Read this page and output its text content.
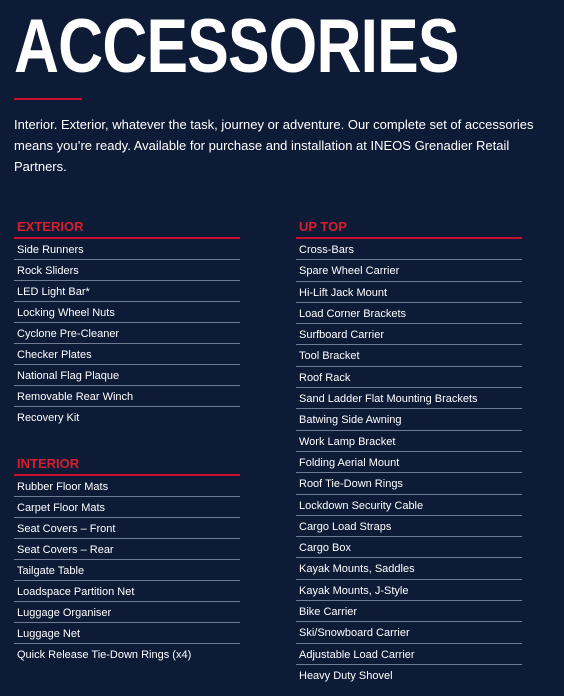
ACCESSORIES
Interior. Exterior, whatever the task, journey or adventure. Our complete set of accessories means you’re ready. Available for purchase and installation at INEOS Grenadier Retail Partners.
EXTERIOR
Side Runners
Rock Sliders
LED Light Bar*
Locking Wheel Nuts
Cyclone Pre-Cleaner
Checker Plates
National Flag Plaque
Removable Rear Winch
Recovery Kit
INTERIOR
Rubber Floor Mats
Carpet Floor Mats
Seat Covers – Front
Seat Covers – Rear
Tailgate Table
Loadspace Partition Net
Luggage Organiser
Luggage Net
Quick Release Tie-Down Rings (x4)
UP TOP
Cross-Bars
Spare Wheel Carrier
Hi-Lift Jack Mount
Load Corner Brackets
Surfboard Carrier
Tool Bracket
Roof Rack
Sand Ladder Flat Mounting Brackets
Batwing Side Awning
Work Lamp Bracket
Folding Aerial Mount
Roof Tie-Down Rings
Lockdown Security Cable
Cargo Load Straps
Cargo Box
Kayak Mounts, Saddles
Kayak Mounts, J-Style
Bike Carrier
Ski/Snowboard Carrier
Adjustable Load Carrier
Heavy Duty Shovel
